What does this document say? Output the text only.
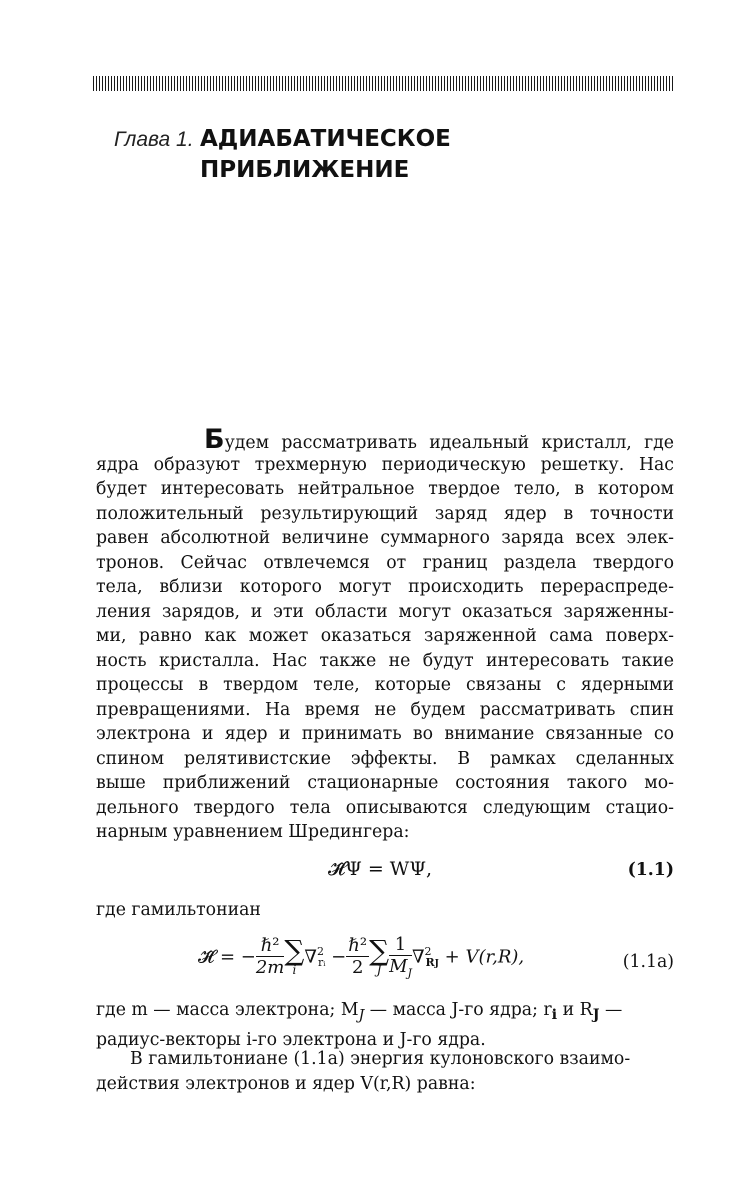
Глава 1. АДИАБАТИЧЕСКОЕ
ПРИБЛИЖЕНИЕ
Будем рассматривать идеальный кристалл, где
ядра образуют трехмерную периодическую решетку. Нас
будет интересовать нейтральное твердое тело, в котором
положительный результирующий заряд ядер в точности
равен абсолютной величине суммарного заряда всех элек-
тронов. Сейчас отвлечемся от границ раздела твердого
тела, вблизи которого могут происходить перераспреде-
ления зарядов, и эти области могут оказаться заряженны-
ми, равно как может оказаться заряженной сама поверх-
ность кристалла. Нас также не будут интересовать такие
процессы в твердом теле, которые связаны с ядерными
превращениями. На время не будем рассматривать спин
электрона и ядер и принимать во внимание связанные со
спином релятивистские эффекты. В рамках сделанных
выше приближений стационарные состояния такого мо-
дельного твердого тела описываются следующим стацио-
нарным уравнением Шредингера:
𝓗̂Ψ = WΨ,	(1.1)
где гамильтониан
𝓗̂ = − $\frac{\text{ℏ²}}{2m}$ ∑
i
$\nabla^2_{rᵢ} - \frac{\text{ℏ²}}{2}$ ∑
J $\frac{1}{M_J} \nabla^2_{RJ} + V(r,R)$,	(1.1а)
где m — масса электрона; $M_J$ — масса J-го ядра; $r_i$ и $R_J$ —
радиус-векторы i-го электрона и J-го ядра.
В гамильтониане (1.1а) энергия кулоновского взаимо-
действия электронов и ядер V(r,R) равна:
